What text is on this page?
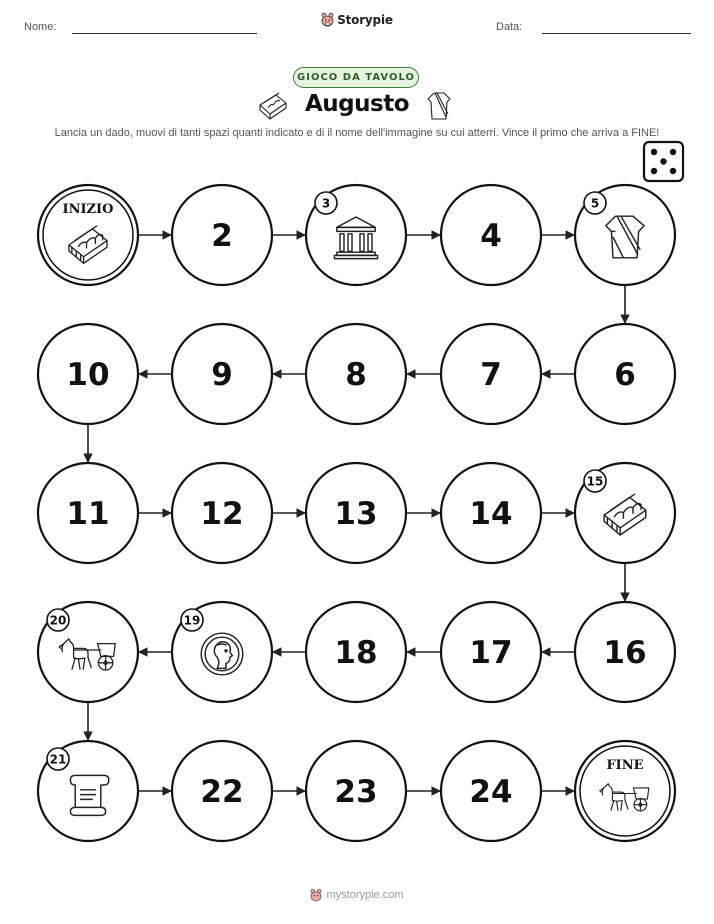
Nome:
Storypie
Data:
GIOCO DA TAVOLO
Augusto
Lancia un dado, muovi di tanti spazi quanti indicato e di il nome dell'immagine su cui atterri. Vince il primo che arriva a FINE!
INIZIO
2
3
4
5
6
7
8
9
10
11	12	13	14
15
16
17
18
19
20
21
22	23	24
FINE
mystorypie.com
